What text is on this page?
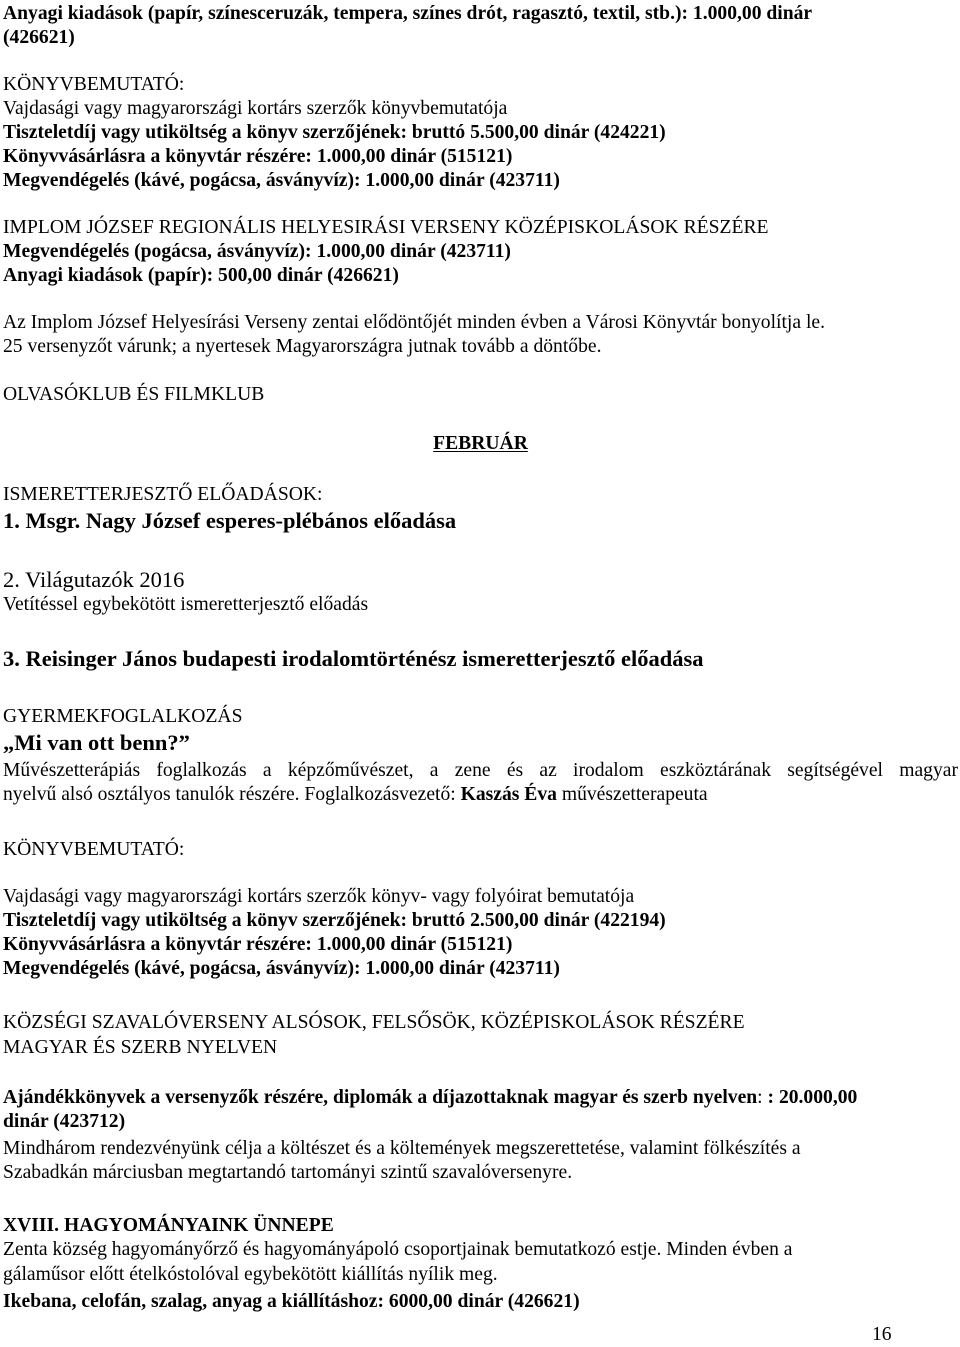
Anyagi kiadások (papír, színesceruzák, tempera, színes drót, ragasztó, textil, stb.): 1.000,00 dinár

(426621)

KÖNYVBEMUTATÓ:

Vajdasági vagy magyarországi kortárs szerzők könyvbemutatója

Tiszteletdíj vagy utiköltség a könyv szerzőjének: bruttó 5.500,00 dinár (424221)

Könyvvásárlásra a könyvtár részére: 1.000,00 dinár (515121)

Megvendégelés (kávé, pogácsa, ásványvíz): 1.000,00 dinár (423711)

IMPLOM JÓZSEF REGIONÁLIS HELYESIRÁSI VERSENY KÖZÉPISKOLÁSOK RÉSZÉRE

Megvendégelés (pogácsa, ásványvíz): 1.000,00 dinár (423711)

Anyagi kiadások (papír): 500,00 dinár (426621)

Az Implom József Helyesírási Verseny zentai elődöntőjét minden évben a Városi Könyvtár bonyolítja le.

25 versenyzőt várunk; a nyertesek Magyarországra jutnak tovább a döntőbe.

OLVASÓKLUB ÉS FILMKLUB

FEBRUÁR

ISMERETTERJESZTŐ ELŐADÁSOK:

1. Msgr. Nagy József esperes-plébános előadása

2. Világutazók 2016

Vetítéssel egybekötött ismeretterjesztő előadás

3. Reisinger János budapesti irodalomtörténész ismeretterjesztő előadása

GYERMEKFOGLALKOZÁS

„Mi van ott benn?”

Művészetterápiás foglalkozás a képzőművészet, a zene és az irodalom eszköztárának segítségével magyar

nyelvű alsó osztályos tanulók részére. Foglalkozásvezető: Kaszás Éva művészetterapeuta

KÖNYVBEMUTATÓ:

Vajdasági vagy magyarországi kortárs szerzők könyv- vagy folyóirat bemutatója

Tiszteletdíj vagy utiköltség a könyv szerzőjének: bruttó 2.500,00 dinár (422194)

Könyvvásárlásra a könyvtár részére: 1.000,00 dinár (515121)

Megvendégelés (kávé, pogácsa, ásványvíz): 1.000,00 dinár (423711)

KÖZSÉGI SZAVALÓVERSENY ALSÓSOK, FELSŐSÖK, KÖZÉPISKOLÁSOK RÉSZÉRE

MAGYAR ÉS SZERB NYELVEN

Ajándékkönyvek a versenyzők részére, diplomák a díjazottaknak magyar és szerb nyelven: : 20.000,00

dinár (423712)

Mindhárom rendezvényünk célja a költészet és a költemények megszerettetése, valamint fölkészítés a

Szabadkán márciusban megtartandó tartományi szintű szavalóversenyre.

XVIII. HAGYOMÁNYAINK ÜNNEPE

Zenta község hagyományőrző és hagyományápoló csoportjainak bemutatkozó estje. Minden évben a

gálaműsor előtt ételkóstolóval egybekötött kiállítás nyílik meg.

Ikebana, celofán, szalag, anyag a kiállításhoz: 6000,00 dinár (426621)

16
